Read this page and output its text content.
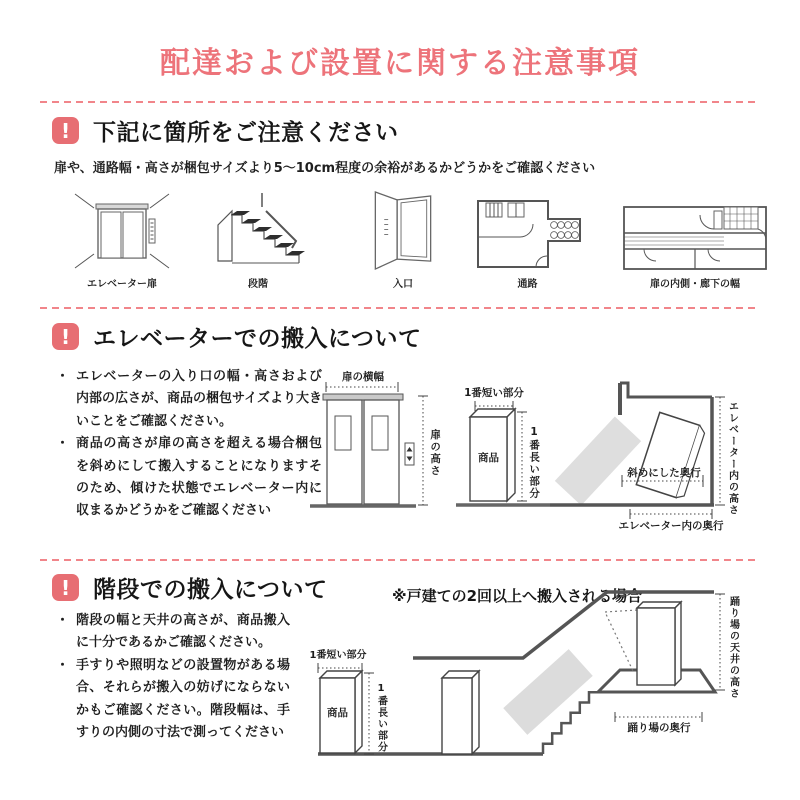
配達および設置に関する注意事項
! 下記に箇所をご注意ください
扉や、通路幅・高さが梱包サイズより5〜10cm程度の余裕があるかどうかをご確認ください
エレベーター扉	段階	入口	通路	扉の内側・廊下の幅
! エレベーターでの搬入について
・ エレベーターの入り口の幅・高さおよび内部の広さが、商品の梱包サイズより大きいことをご確認ください。
・ 商品の高さが扉の高さを超える場合梱包を斜めにして搬入することになりますそのため、傾けた状態でエレベーター内に収まるかどうかをご確認ください
扉の横幅
扉の高さ
1番短い部分
商品	1番長い部分	斜めにした奥行	エレベーター内の高さ
エレベーター内の奥行
! 階段での搬入について	※戸建ての2回以上へ搬入される場合
・ 階段の幅と天井の高さが、商品搬入に十分であるかご確認ください。
・ 手すりや照明などの設置物がある場合、それらが搬入の妨げにならないかもご確認ください。階段幅は、手すりの内側の寸法で測ってください
1番短い部分
商品	1番長い部分
踊り場の天井の高さ
踊り場の奥行
